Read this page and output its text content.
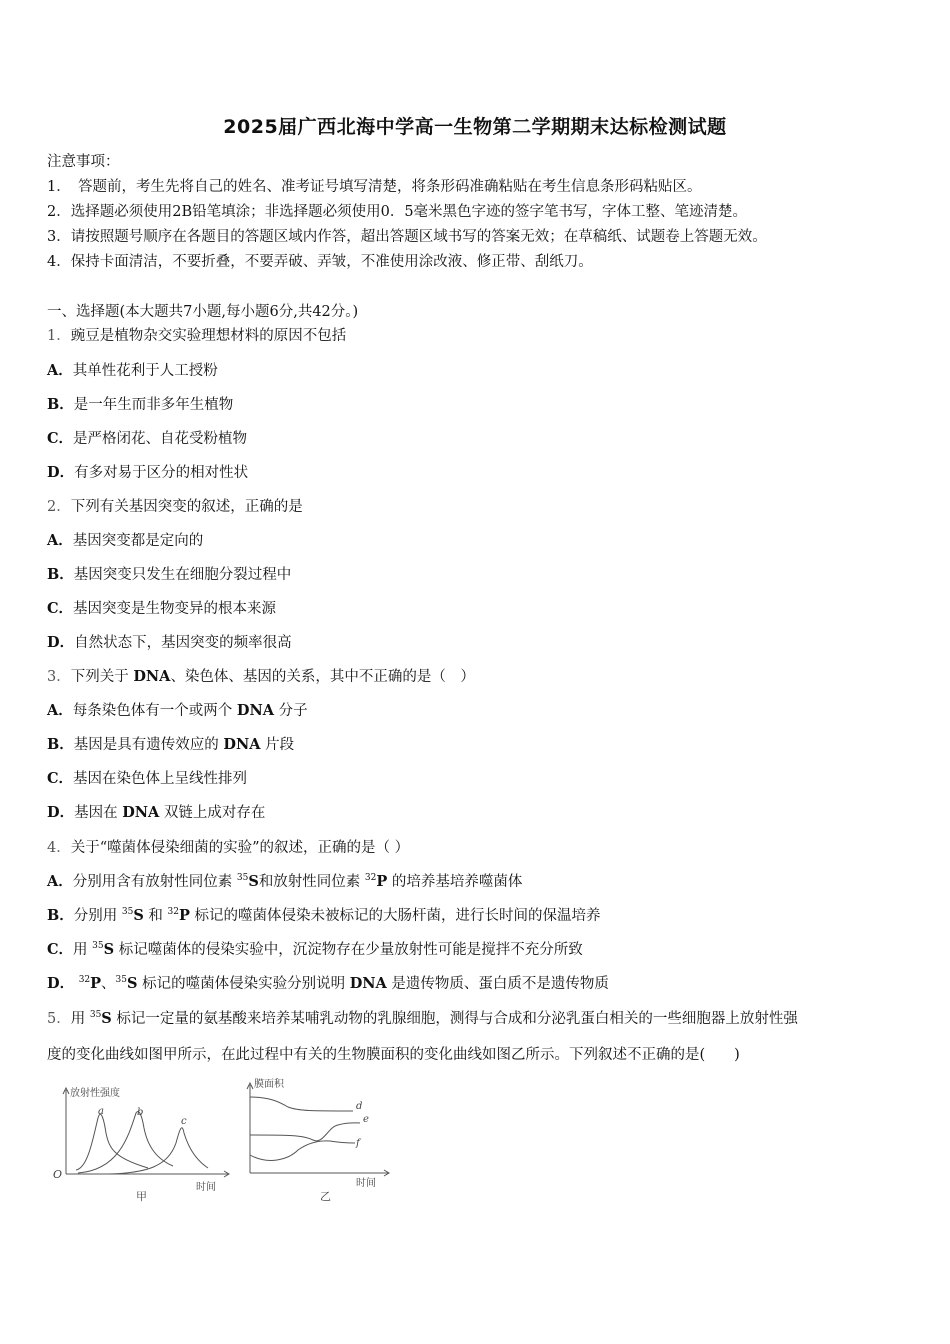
2025届广西北海中学高一生物第二学期期末达标检测试题
注意事项：
1．　答题前，考生先将自己的姓名、准考证号填写清楚，将条形码准确粘贴在考生信息条形码粘贴区。
2．选择题必须使用2B铅笔填涂；非选择题必须使用0．5毫米黑色字迹的签字笔书写，字体工整、笔迹清楚。
3．请按照题号顺序在各题目的答题区域内作答，超出答题区域书写的答案无效；在草稿纸、试题卷上答题无效。
4．保持卡面清洁，不要折叠，不要弄破、弄皱，不准使用涂改液、修正带、刮纸刀。
一、选择题(本大题共7小题,每小题6分,共42分。)
1．豌豆是植物杂交实验理想材料的原因不包括
A．其单性花利于人工授粉
B．是一年生而非多年生植物
C．是严格闭花、自花受粉植物
D．有多对易于区分的相对性状
2．下列有关基因突变的叙述，正确的是
A．基因突变都是定向的
B．基因突变只发生在细胞分裂过程中
C．基因突变是生物变异的根本来源
D．自然状态下，基因突变的频率很高
3．下列关于 DNA、染色体、基因的关系，其中不正确的是（　）
A．每条染色体有一个或两个 DNA 分子
B．基因是具有遗传效应的 DNA 片段
C．基因在染色体上呈线性排列
D．基因在 DNA 双链上成对存在
4．关于“噬菌体侵染细菌的实验”的叙述，正确的是（ ）
A．分别用含有放射性同位素 $^{35}$S和放射性同位素 $^{32}$P 的培养基培养噬菌体
B．分别用 $^{35}$S 和 $^{32}$P 标记的噬菌体侵染未被标记的大肠杆菌，进行长时间的保温培养
C．用 $^{35}$S 标记噬菌体的侵染实验中，沉淀物存在少量放射性可能是搅拌不充分所致
D． $^{32}$P、$^{35}$S 标记的噬菌体侵染实验分别说明 DNA 是遗传物质、蛋白质不是遗传物质
5．用 $^{35}$S 标记一定量的氨基酸来培养某哺乳动物的乳腺细胞，测得与合成和分泌乳蛋白相关的一些细胞器上放射性强
度的变化曲线如图甲所示，在此过程中有关的生物膜面积的变化曲线如图乙所示。下列叙述不正确的是(　　)
放射性强度
a	b
c
O
时间
甲
膜面积
d
e
f
时间
乙
